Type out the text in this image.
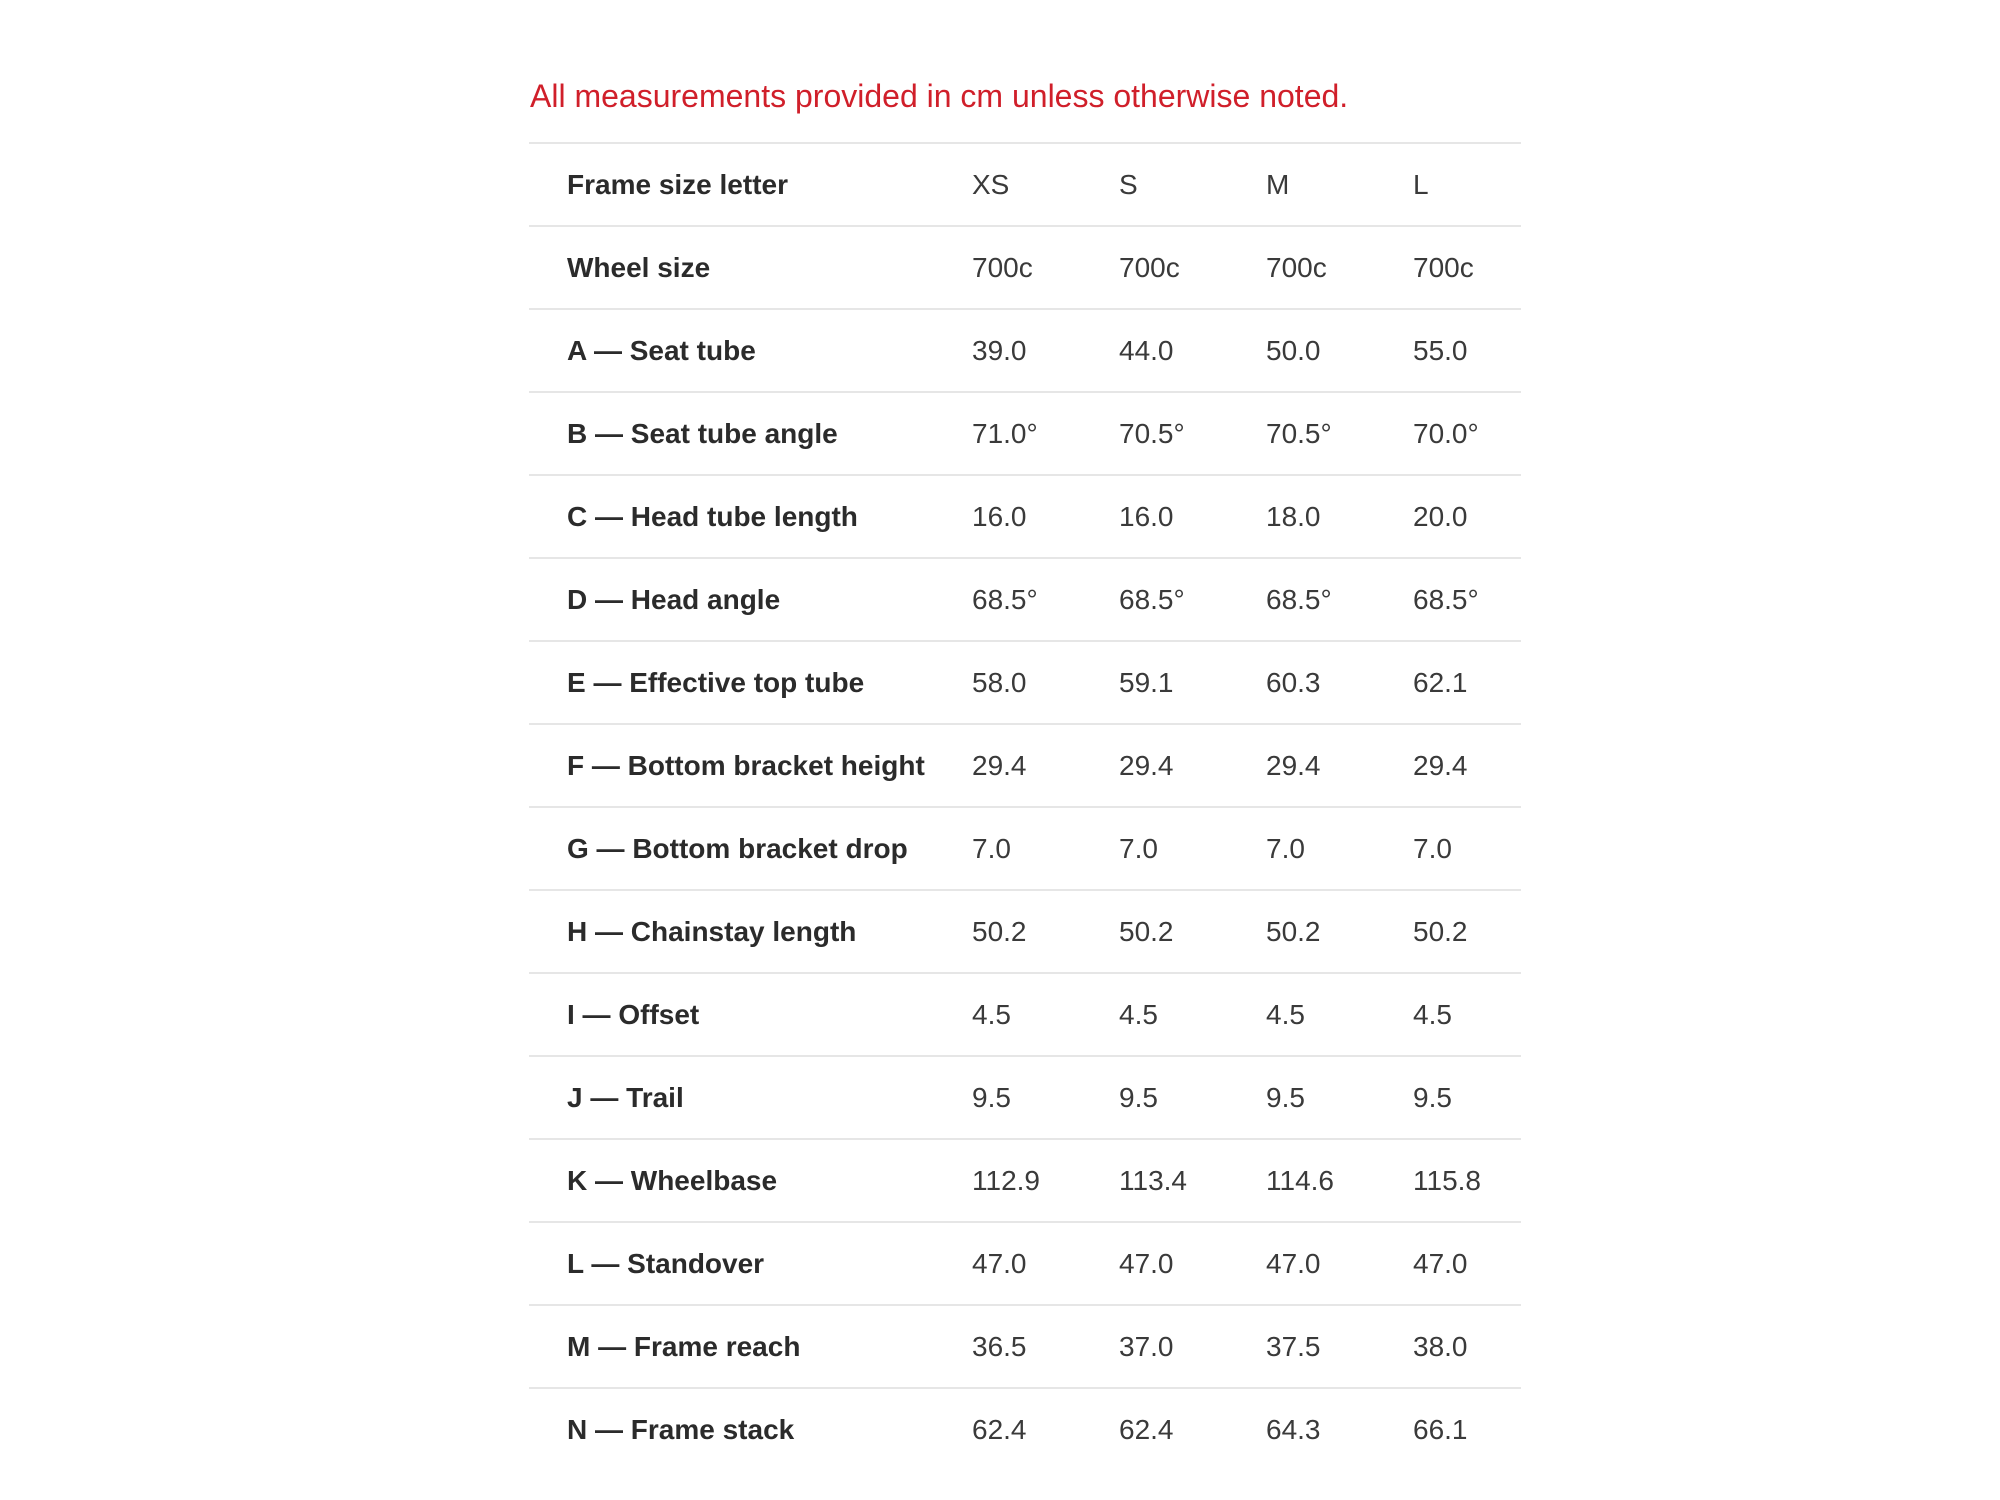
All measurements provided in cm unless otherwise noted.

Frame size letter	XS	S	M	L
Wheel size	700c	700c	700c	700c
A — Seat tube	39.0	44.0	50.0	55.0
B — Seat tube angle	71.0°	70.5°	70.5°	70.0°
C — Head tube length	16.0	16.0	18.0	20.0
D — Head angle	68.5°	68.5°	68.5°	68.5°
E — Effective top tube	58.0	59.1	60.3	62.1
F — Bottom bracket height	29.4	29.4	29.4	29.4
G — Bottom bracket drop	7.0	7.0	7.0	7.0
H — Chainstay length	50.2	50.2	50.2	50.2
I — Offset	4.5	4.5	4.5	4.5
J — Trail	9.5	9.5	9.5	9.5
K — Wheelbase	112.9	113.4	114.6	115.8
L — Standover	47.0	47.0	47.0	47.0
M — Frame reach	36.5	37.0	37.5	38.0
N — Frame stack	62.4	62.4	64.3	66.1
